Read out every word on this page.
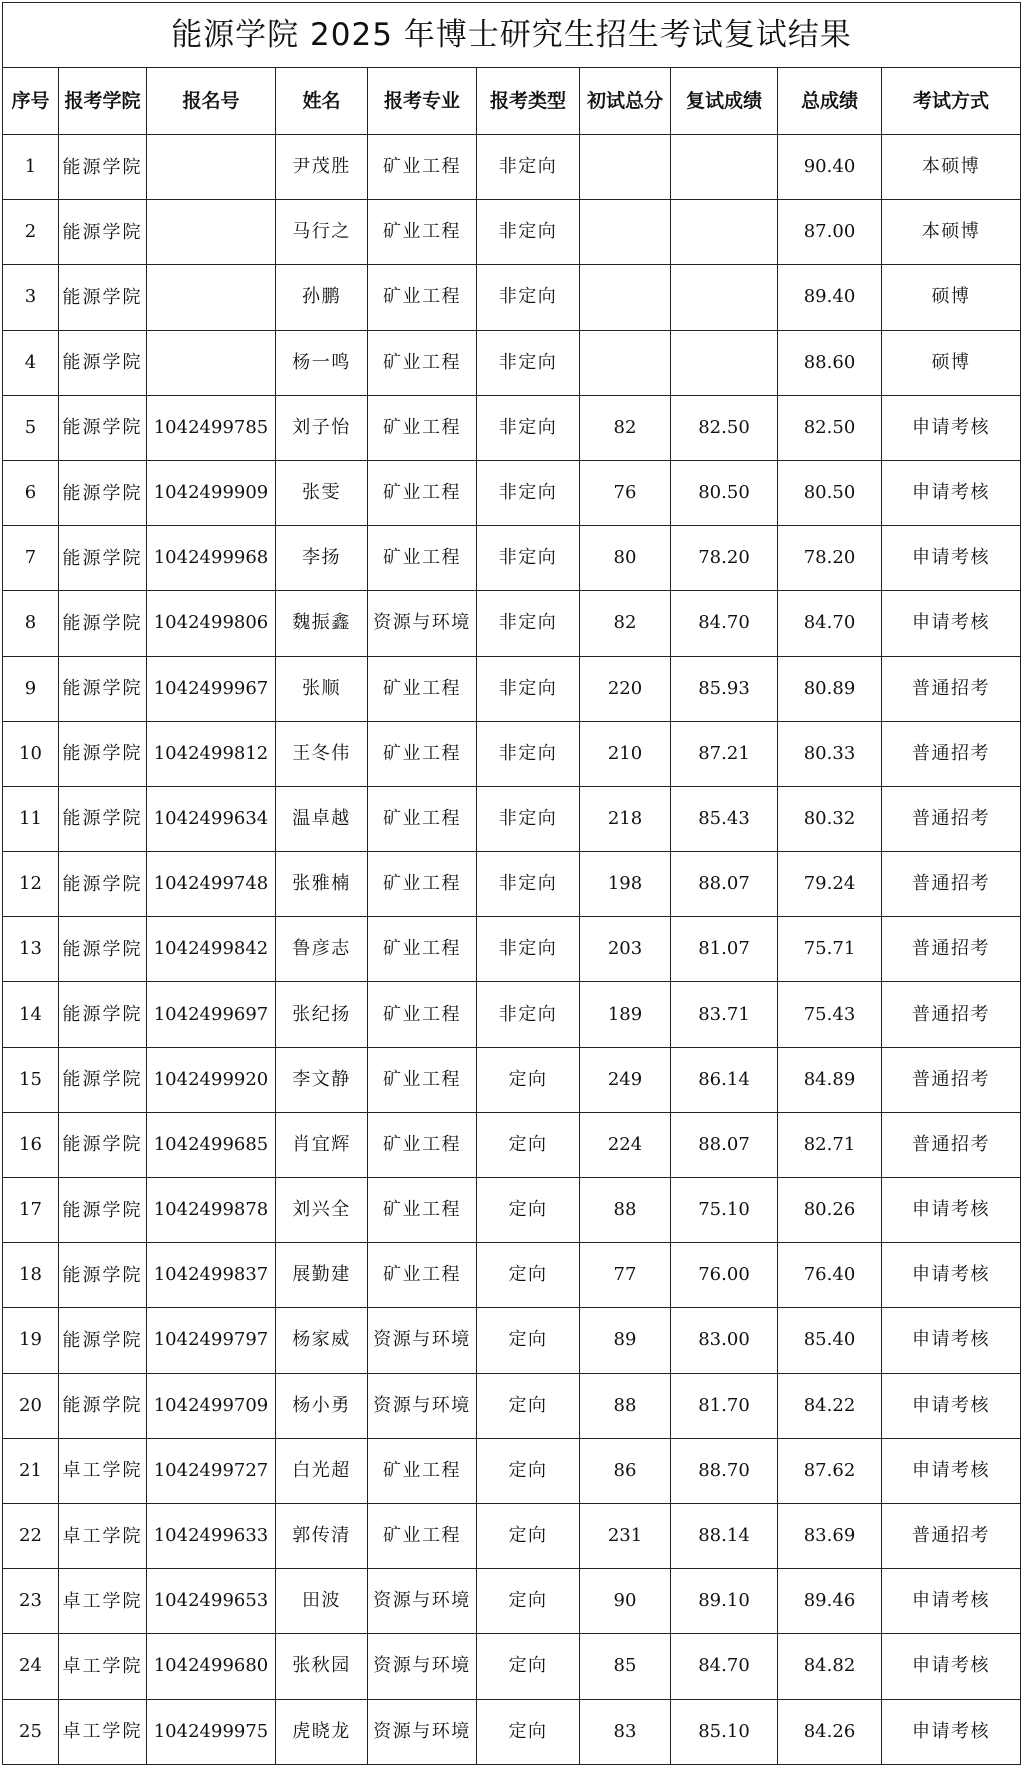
能源学院 2025 年博士研究生招生考试复试结果
序号	报考学院	报名号	姓名	报考专业	报考类型	初试总分	复试成绩	总成绩	考试方式
1	能源学院		尹茂胜	矿业工程	非定向			90.40	本硕博
2	能源学院		马行之	矿业工程	非定向			87.00	本硕博
3	能源学院		孙鹏	矿业工程	非定向			89.40	硕博
4	能源学院		杨一鸣	矿业工程	非定向			88.60	硕博
5	能源学院	1042499785	刘子怡	矿业工程	非定向	82	82.50	82.50	申请考核
6	能源学院	1042499909	张雯	矿业工程	非定向	76	80.50	80.50	申请考核
7	能源学院	1042499968	李扬	矿业工程	非定向	80	78.20	78.20	申请考核
8	能源学院	1042499806	魏振鑫	资源与环境	非定向	82	84.70	84.70	申请考核
9	能源学院	1042499967	张顺	矿业工程	非定向	220	85.93	80.89	普通招考
10	能源学院	1042499812	王冬伟	矿业工程	非定向	210	87.21	80.33	普通招考
11	能源学院	1042499634	温卓越	矿业工程	非定向	218	85.43	80.32	普通招考
12	能源学院	1042499748	张雅楠	矿业工程	非定向	198	88.07	79.24	普通招考
13	能源学院	1042499842	鲁彦志	矿业工程	非定向	203	81.07	75.71	普通招考
14	能源学院	1042499697	张纪扬	矿业工程	非定向	189	83.71	75.43	普通招考
15	能源学院	1042499920	李文静	矿业工程	定向	249	86.14	84.89	普通招考
16	能源学院	1042499685	肖宜辉	矿业工程	定向	224	88.07	82.71	普通招考
17	能源学院	1042499878	刘兴全	矿业工程	定向	88	75.10	80.26	申请考核
18	能源学院	1042499837	展勤建	矿业工程	定向	77	76.00	76.40	申请考核
19	能源学院	1042499797	杨家威	资源与环境	定向	89	83.00	85.40	申请考核
20	能源学院	1042499709	杨小勇	资源与环境	定向	88	81.70	84.22	申请考核
21	卓工学院	1042499727	白光超	矿业工程	定向	86	88.70	87.62	申请考核
22	卓工学院	1042499633	郭传清	矿业工程	定向	231	88.14	83.69	普通招考
23	卓工学院	1042499653	田波	资源与环境	定向	90	89.10	89.46	申请考核
24	卓工学院	1042499680	张秋园	资源与环境	定向	85	84.70	84.82	申请考核
25	卓工学院	1042499975	虎晓龙	资源与环境	定向	83	85.10	84.26	申请考核
